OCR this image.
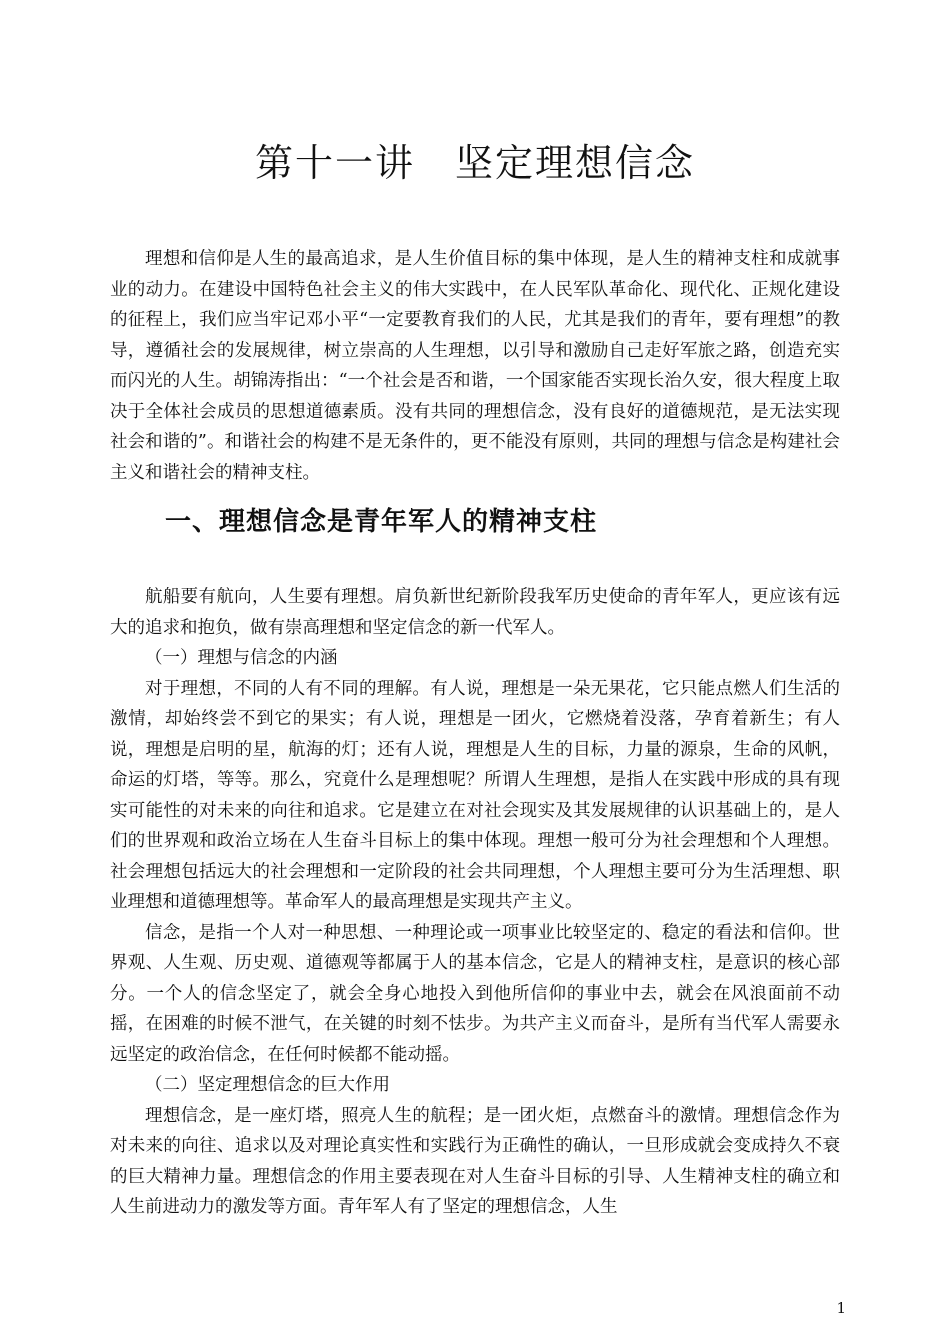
第十一讲　坚定理想信念

理想和信仰是人生的最高追求，是人生价值目标的集中体现，是人生的精神支柱和成就事业的动力。在建设中国特色社会主义的伟大实践中，在人民军队革命化、现代化、正规化建设的征程上，我们应当牢记邓小平“一定要教育我们的人民，尤其是我们的青年，要有理想”的教导，遵循社会的发展规律，树立崇高的人生理想，以引导和激励自己走好军旅之路，创造充实而闪光的人生。胡锦涛指出：“一个社会是否和谐，一个国家能否实现长治久安，很大程度上取决于全体社会成员的思想道德素质。没有共同的理想信念，没有良好的道德规范，是无法实现社会和谐的”。和谐社会的构建不是无条件的，更不能没有原则，共同的理想与信念是构建社会主义和谐社会的精神支柱。

一、理想信念是青年军人的精神支柱

航船要有航向，人生要有理想。肩负新世纪新阶段我军历史使命的青年军人，更应该有远大的追求和抱负，做有崇高理想和坚定信念的新一代军人。

（一）理想与信念的内涵

对于理想，不同的人有不同的理解。有人说，理想是一朵无果花，它只能点燃人们生活的激情，却始终尝不到它的果实；有人说，理想是一团火，它燃烧着没落，孕育着新生；有人说，理想是启明的星，航海的灯；还有人说，理想是人生的目标，力量的源泉，生命的风帆，命运的灯塔，等等。那么，究竟什么是理想呢？所谓人生理想，是指人在实践中形成的具有现实可能性的对未来的向往和追求。它是建立在对社会现实及其发展规律的认识基础上的，是人们的世界观和政治立场在人生奋斗目标上的集中体现。理想一般可分为社会理想和个人理想。社会理想包括远大的社会理想和一定阶段的社会共同理想，个人理想主要可分为生活理想、职业理想和道德理想等。革命军人的最高理想是实现共产主义。

信念，是指一个人对一种思想、一种理论或一项事业比较坚定的、稳定的看法和信仰。世界观、人生观、历史观、道德观等都属于人的基本信念，它是人的精神支柱，是意识的核心部分。一个人的信念坚定了，就会全身心地投入到他所信仰的事业中去，就会在风浪面前不动摇，在困难的时候不泄气，在关键的时刻不怯步。为共产主义而奋斗，是所有当代军人需要永远坚定的政治信念，在任何时候都不能动摇。

（二）坚定理想信念的巨大作用

理想信念，是一座灯塔，照亮人生的航程；是一团火炬，点燃奋斗的激情。理想信念作为对未来的向往、追求以及对理论真实性和实践行为正确性的确认，一旦形成就会变成持久不衰的巨大精神力量。理想信念的作用主要表现在对人生奋斗目标的引导、人生精神支柱的确立和人生前进动力的激发等方面。青年军人有了坚定的理想信念，人生

1
